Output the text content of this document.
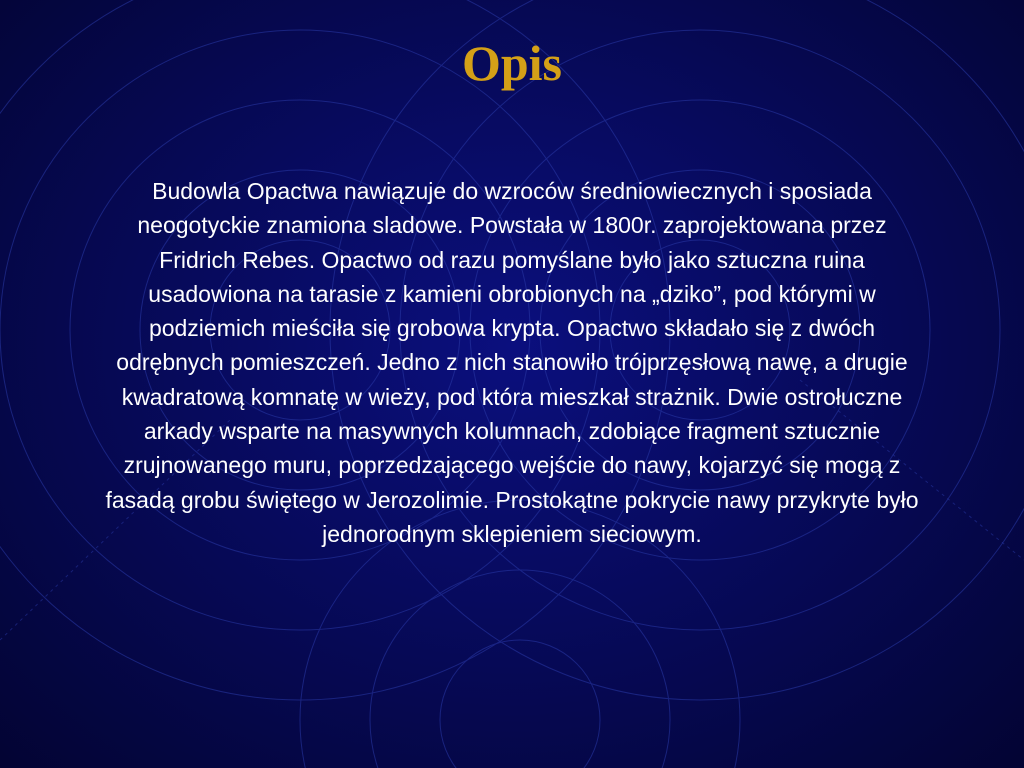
Opis
Budowla Opactwa nawiązuje do wzroców średniowiecznych i sposiada neogotyckie znamiona sladowe. Powstała w 1800r. zaprojektowana przez Fridrich Rebes. Opactwo od razu pomyślane było jako sztuczna ruina usadowiona na tarasie z kamieni obrobionych na „dziko”, pod którymi w podziemich mieściła się grobowa krypta. Opactwo składało się z dwóch odrębnych pomieszczeń. Jedno z nich stanowiło trójprzęsłową nawę, a drugie kwadratową komnatę w wieży, pod która mieszkał strażnik. Dwie ostrołuczne arkady wsparte na masywnych kolumnach, zdobiące fragment sztucznie zrujnowanego muru, poprzedzającego wejście do nawy, kojarzyć się mogą z fasadą grobu świętego w Jerozolimie. Prostokątne pokrycie nawy przykryte było jednorodnym sklepieniem sieciowym.
